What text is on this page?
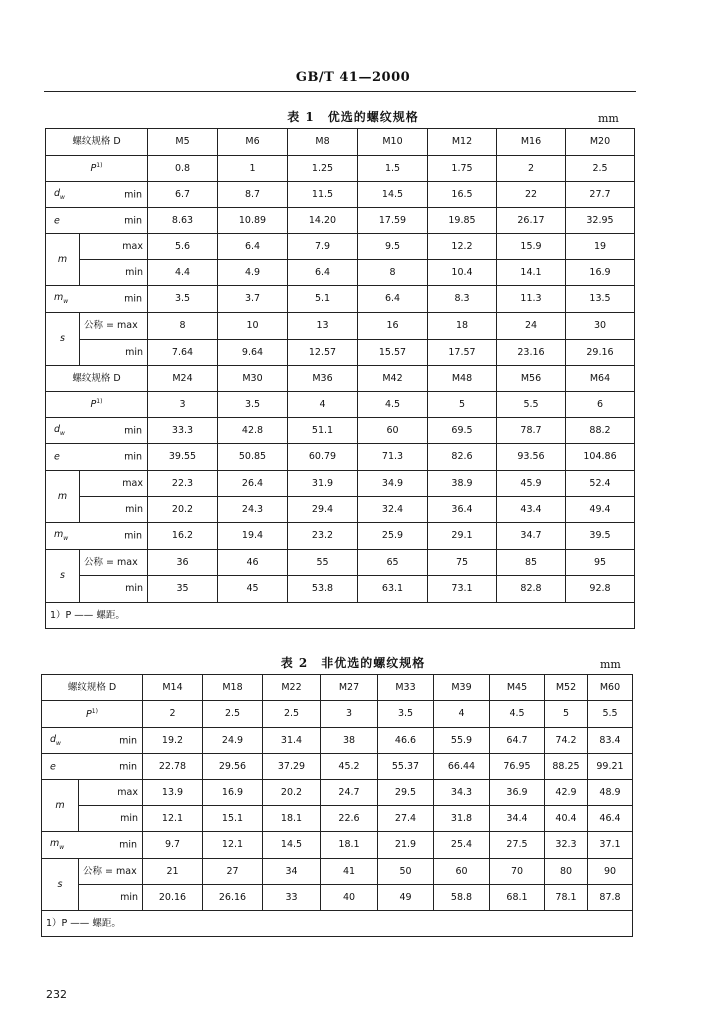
GB/T 41—2000
表 1　优选的螺纹规格	mm
螺纹规格 D		M5	M6	M8	M10	M12	M16	M20
$P^{1)}$		0.8	1	1.25	1.5	1.75	2	2.5

$d_w$ min		6.7	8.7	11.5	14.5	16.5	22	27.7

e min		8.63	10.89	14.20	17.59	19.85	26.17	32.95
m	max	5.6	6.4	7.9	9.5	12.2	15.9	19
	min	4.4	4.9	6.4	8	10.4	14.1	16.9

$m_w$ min		3.5	3.7	5.1	6.4	8.3	11.3	13.5
s	公称 = max	8	10	13	16	18	24	30
	min	7.64	9.64	12.57	15.57	17.57	23.16	29.16
螺纹规格 D		M24	M30	M36	M42	M48	M56	M64
$P^{1)}$		3	3.5	4	4.5	5	5.5	6

$d_w$ min		33.3	42.8	51.1	60	69.5	78.7	88.2

e min		39.55	50.85	60.79	71.3	82.6	93.56	104.86
m	max	22.3	26.4	31.9	34.9	38.9	45.9	52.4
	min	20.2	24.3	29.4	32.4	36.4	43.4	49.4

$m_w$ min		16.2	19.4	23.2	25.9	29.1	34.7	39.5
s	公称 = max	36	46	55	65	75	85	95
	min	35	45	53.8	63.1	73.1	82.8	92.8
1）P —— 螺距。								
表 2　非优选的螺纹规格	mm
螺纹规格 D		M14	M18	M22	M27	M33	M39	M45	M52	M60
$P^{1)}$		2	2.5	2.5	3	3.5	4	4.5	5	5.5

$d_w$ min		19.2	24.9	31.4	38	46.6	55.9	64.7	74.2	83.4

e min		22.78	29.56	37.29	45.2	55.37	66.44	76.95	88.25	99.21
m	max	13.9	16.9	20.2	24.7	29.5	34.3	36.9	42.9	48.9
	min	12.1	15.1	18.1	22.6	27.4	31.8	34.4	40.4	46.4

$m_w$ min		9.7	12.1	14.5	18.1	21.9	25.4	27.5	32.3	37.1
s	公称 = max	21	27	34	41	50	60	70	80	90
	min	20.16	26.16	33	40	49	58.8	68.1	78.1	87.8
1）P —— 螺距。										
232
